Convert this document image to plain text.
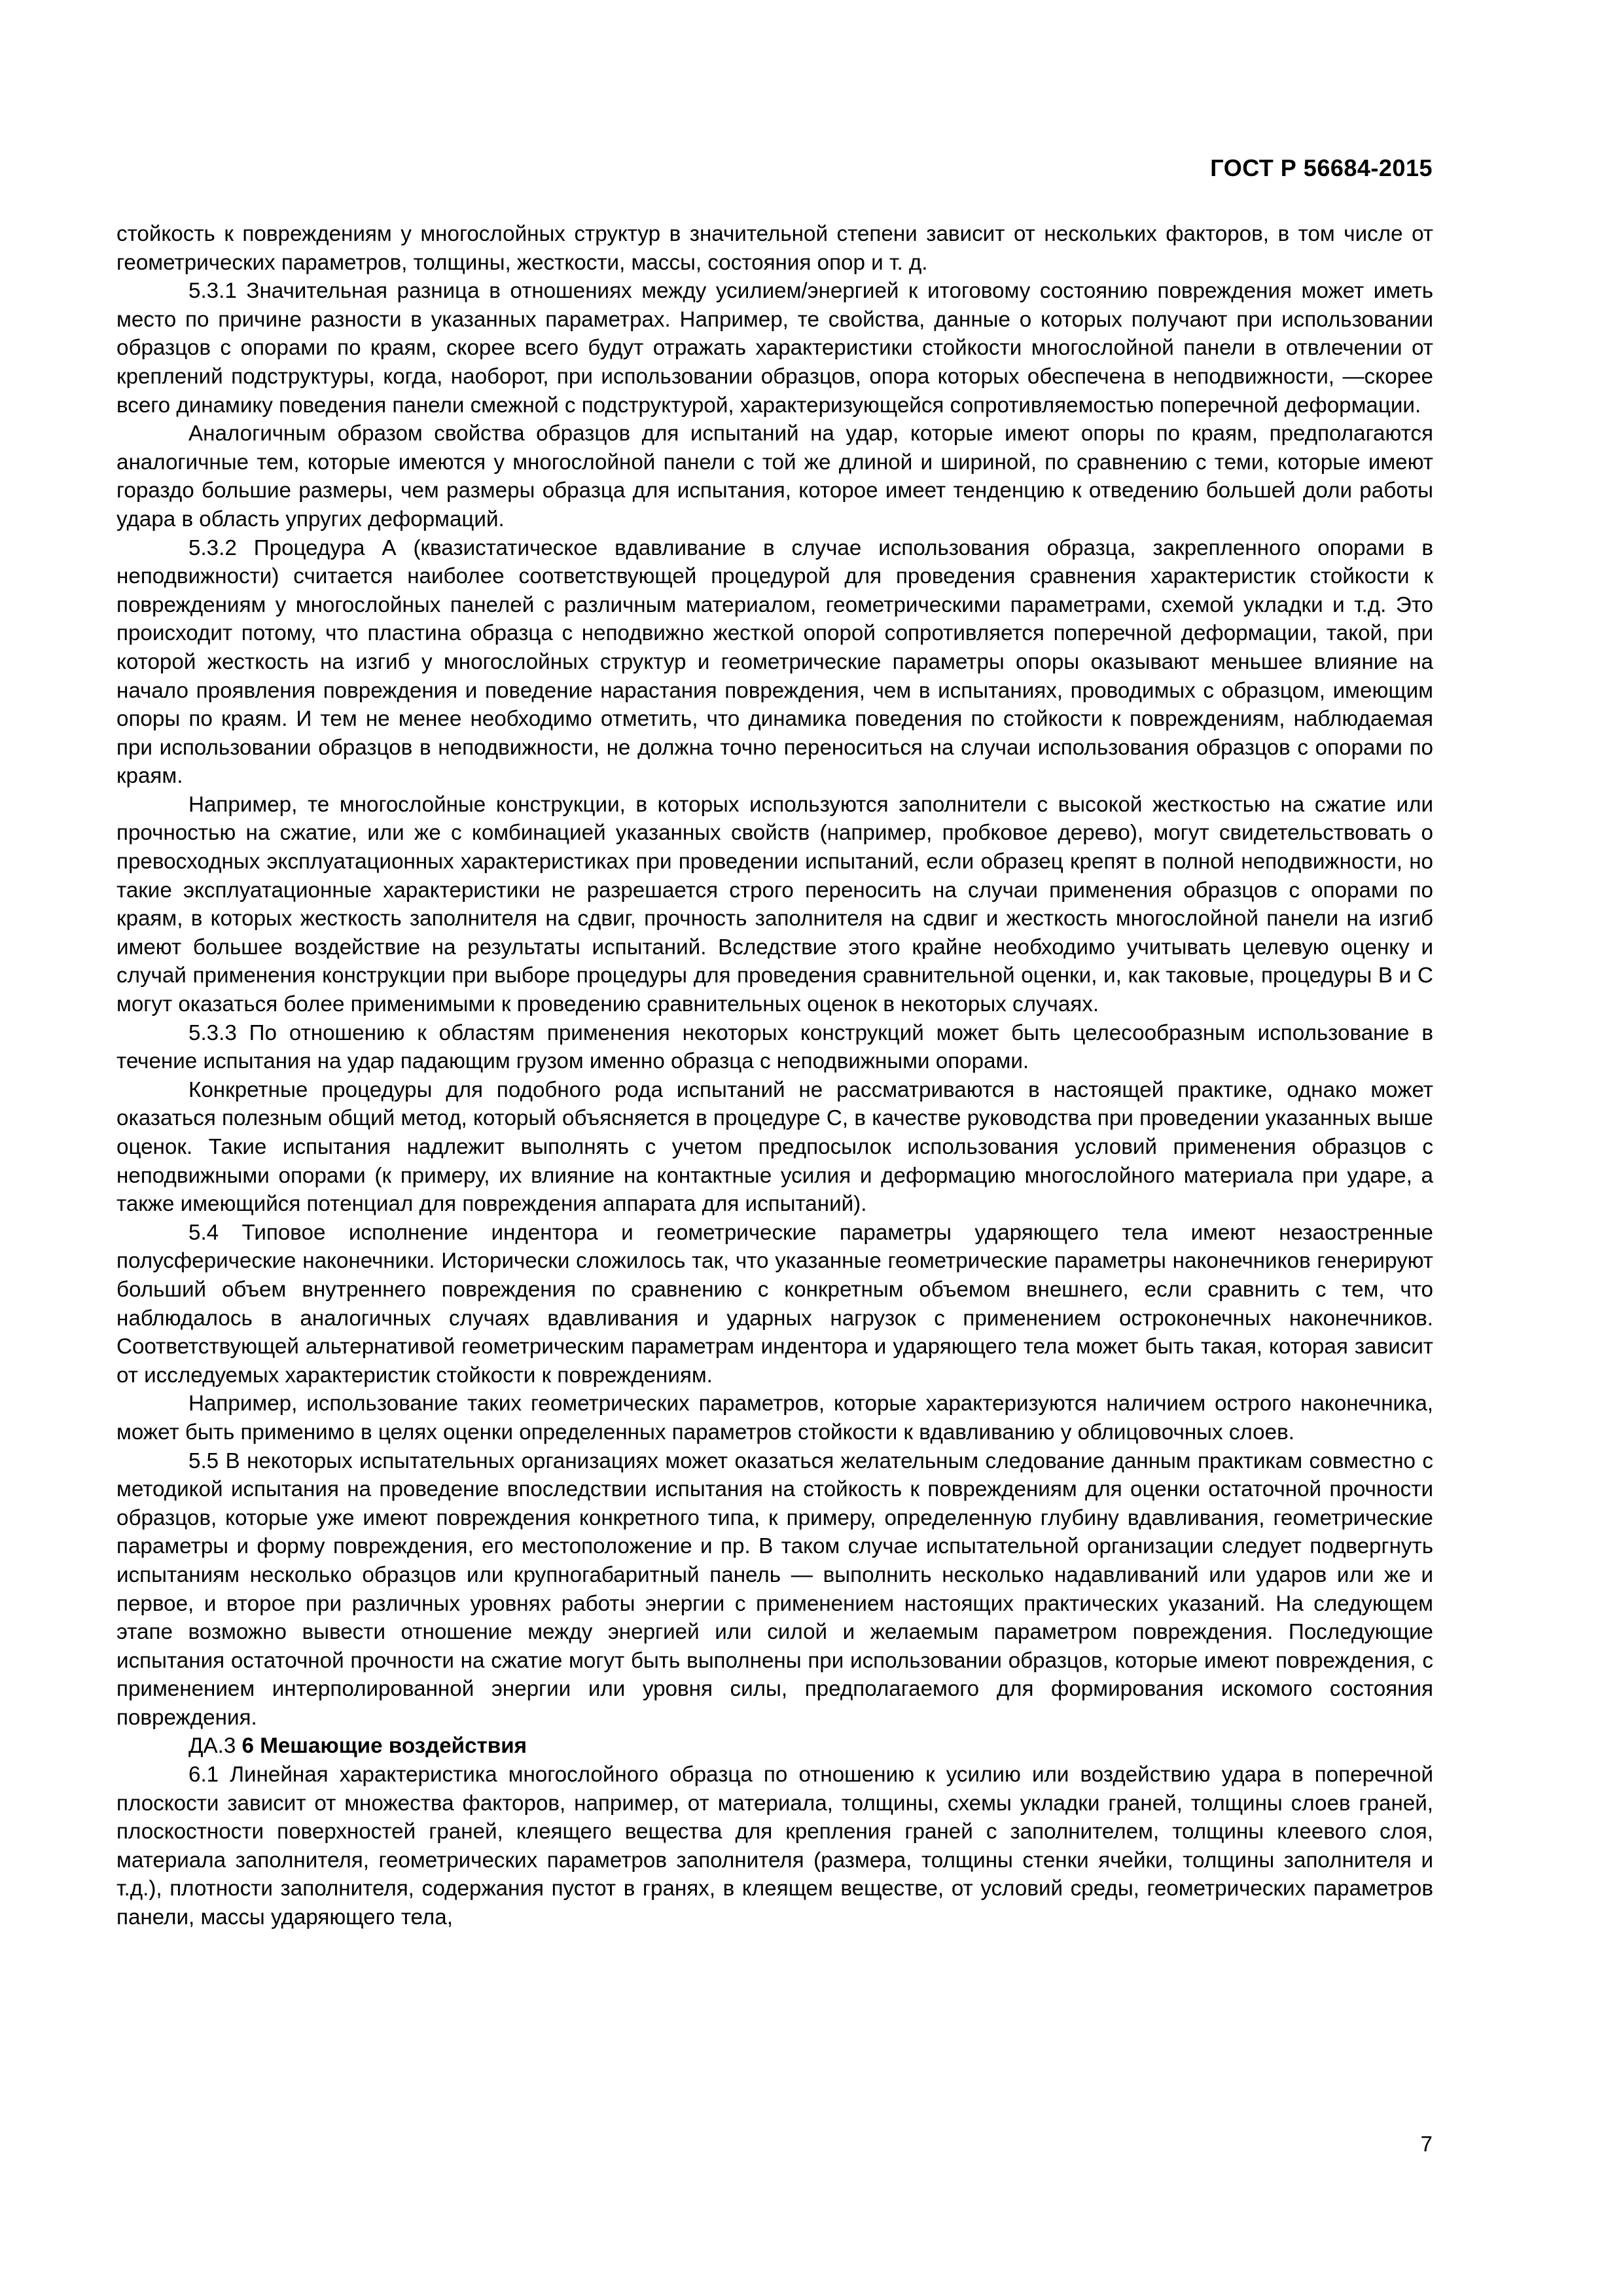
ГОСТ Р 56684-2015

стойкость к повреждениям у многослойных структур в значительной степени зависит от нескольких факторов, в том числе от геометрических параметров, толщины, жесткости, массы, состояния опор и т. д.

5.3.1 Значительная разница в отношениях между усилием/энергией к итоговому состоянию повреждения может иметь место по причине разности в указанных параметрах. Например, те свойства, данные о которых получают при использовании образцов с опорами по краям, скорее всего будут отражать характеристики стойкости многослойной панели в отвлечении от креплений подструктуры, когда, наоборот, при использовании образцов, опора которых обеспечена в неподвижности, —скорее всего динамику поведения панели смежной с подструктурой, характеризующейся сопротивляемостью поперечной деформации.

Аналогичным образом свойства образцов для испытаний на удар, которые имеют опоры по краям, предполагаются аналогичные тем, которые имеются у многослойной панели с той же длиной и шириной, по сравнению с теми, которые имеют гораздо большие размеры, чем размеры образца для испытания, которое имеет тенденцию к отведению большей доли работы удара в область упругих деформаций.

5.3.2 Процедура А (квазистатическое вдавливание в случае использования образца, закрепленного опорами в неподвижности) считается наиболее соответствующей процедурой для проведения сравнения характеристик стойкости к повреждениям у многослойных панелей с различным материалом, геометрическими параметрами, схемой укладки и т.д. Это происходит потому, что пластина образца с неподвижно жесткой опорой сопротивляется поперечной деформации, такой, при которой жесткость на изгиб у многослойных структур и геометрические параметры опоры оказывают меньшее влияние на начало проявления повреждения и поведение нарастания повреждения, чем в испытаниях, проводимых с образцом, имеющим опоры по краям. И тем не менее необходимо отметить, что динамика поведения по стойкости к повреждениям, наблюдаемая при использовании образцов в неподвижности, не должна точно переноситься на случаи использования образцов с опорами по краям.

Например, те многослойные конструкции, в которых используются заполнители с высокой жесткостью на сжатие или прочностью на сжатие, или же с комбинацией указанных свойств (например, пробковое дерево), могут свидетельствовать о превосходных эксплуатационных характеристиках при проведении испытаний, если образец крепят в полной неподвижности, но такие эксплуатационные характеристики не разрешается строго переносить на случаи применения образцов с опорами по краям, в которых жесткость заполнителя на сдвиг, прочность заполнителя на сдвиг и жесткость многослойной панели на изгиб имеют большее воздействие на результаты испытаний. Вследствие этого крайне необходимо учитывать целевую оценку и случай применения конструкции при выборе процедуры для проведения сравнительной оценки, и, как таковые, процедуры В и С могут оказаться более применимыми к проведению сравнительных оценок в некоторых случаях.

5.3.3 По отношению к областям применения некоторых конструкций может быть целесообразным использование в течение испытания на удар падающим грузом именно образца с неподвижными опорами.

Конкретные процедуры для подобного рода испытаний не рассматриваются в настоящей практике, однако может оказаться полезным общий метод, который объясняется в процедуре С, в качестве руководства при проведении указанных выше оценок. Такие испытания надлежит выполнять с учетом предпосылок использования условий применения образцов с неподвижными опорами (к примеру, их влияние на контактные усилия и деформацию многослойного материала при ударе, а также имеющийся потенциал для повреждения аппарата для испытаний).

5.4 Типовое исполнение индентора и геометрические параметры ударяющего тела имеют незаостренные полусферические наконечники. Исторически сложилось так, что указанные геометрические параметры наконечников генерируют больший объем внутреннего повреждения по сравнению с конкретным объемом внешнего, если сравнить с тем, что наблюдалось в аналогичных случаях вдавливания и ударных нагрузок с применением остроконечных наконечников. Соответствующей альтернативой геометрическим параметрам индентора и ударяющего тела может быть такая, которая зависит от исследуемых характеристик стойкости к повреждениям.

Например, использование таких геометрических параметров, которые характеризуются наличием острого наконечника, может быть применимо в целях оценки определенных параметров стойкости к вдавливанию у облицовочных слоев.

5.5 В некоторых испытательных организациях может оказаться желательным следование данным практикам совместно с методикой испытания на проведение впоследствии испытания на стойкость к повреждениям для оценки остаточной прочности образцов, которые уже имеют повреждения конкретного типа, к примеру, определенную глубину вдавливания, геометрические параметры и форму повреждения, его местоположение и пр. В таком случае испытательной организации следует подвергнуть испытаниям несколько образцов или крупногабаритный панель — выполнить несколько надавливаний или ударов или же и первое, и второе при различных уровнях работы энергии с применением настоящих практических указаний. На следующем этапе возможно вывести отношение между энергией или силой и желаемым параметром повреждения. Последующие испытания остаточной прочности на сжатие могут быть выполнены при использовании образцов, которые имеют повреждения, с применением интерполированной энергии или уровня силы, предполагаемого для формирования искомого состояния повреждения.

ДА.3 6 Мешающие воздействия

6.1 Линейная характеристика многослойного образца по отношению к усилию или воздействию удара в поперечной плоскости зависит от множества факторов, например, от материала, толщины, схемы укладки граней, толщины слоев граней, плоскостности поверхностей граней, клеящего вещества для крепления граней с заполнителем, толщины клеевого слоя, материала заполнителя, геометрических параметров заполнителя (размера, толщины стенки ячейки, толщины заполнителя и т.д.), плотности заполнителя, содержания пустот в гранях, в клеящем веществе, от условий среды, геометрических параметров панели, массы ударяющего тела,

7
